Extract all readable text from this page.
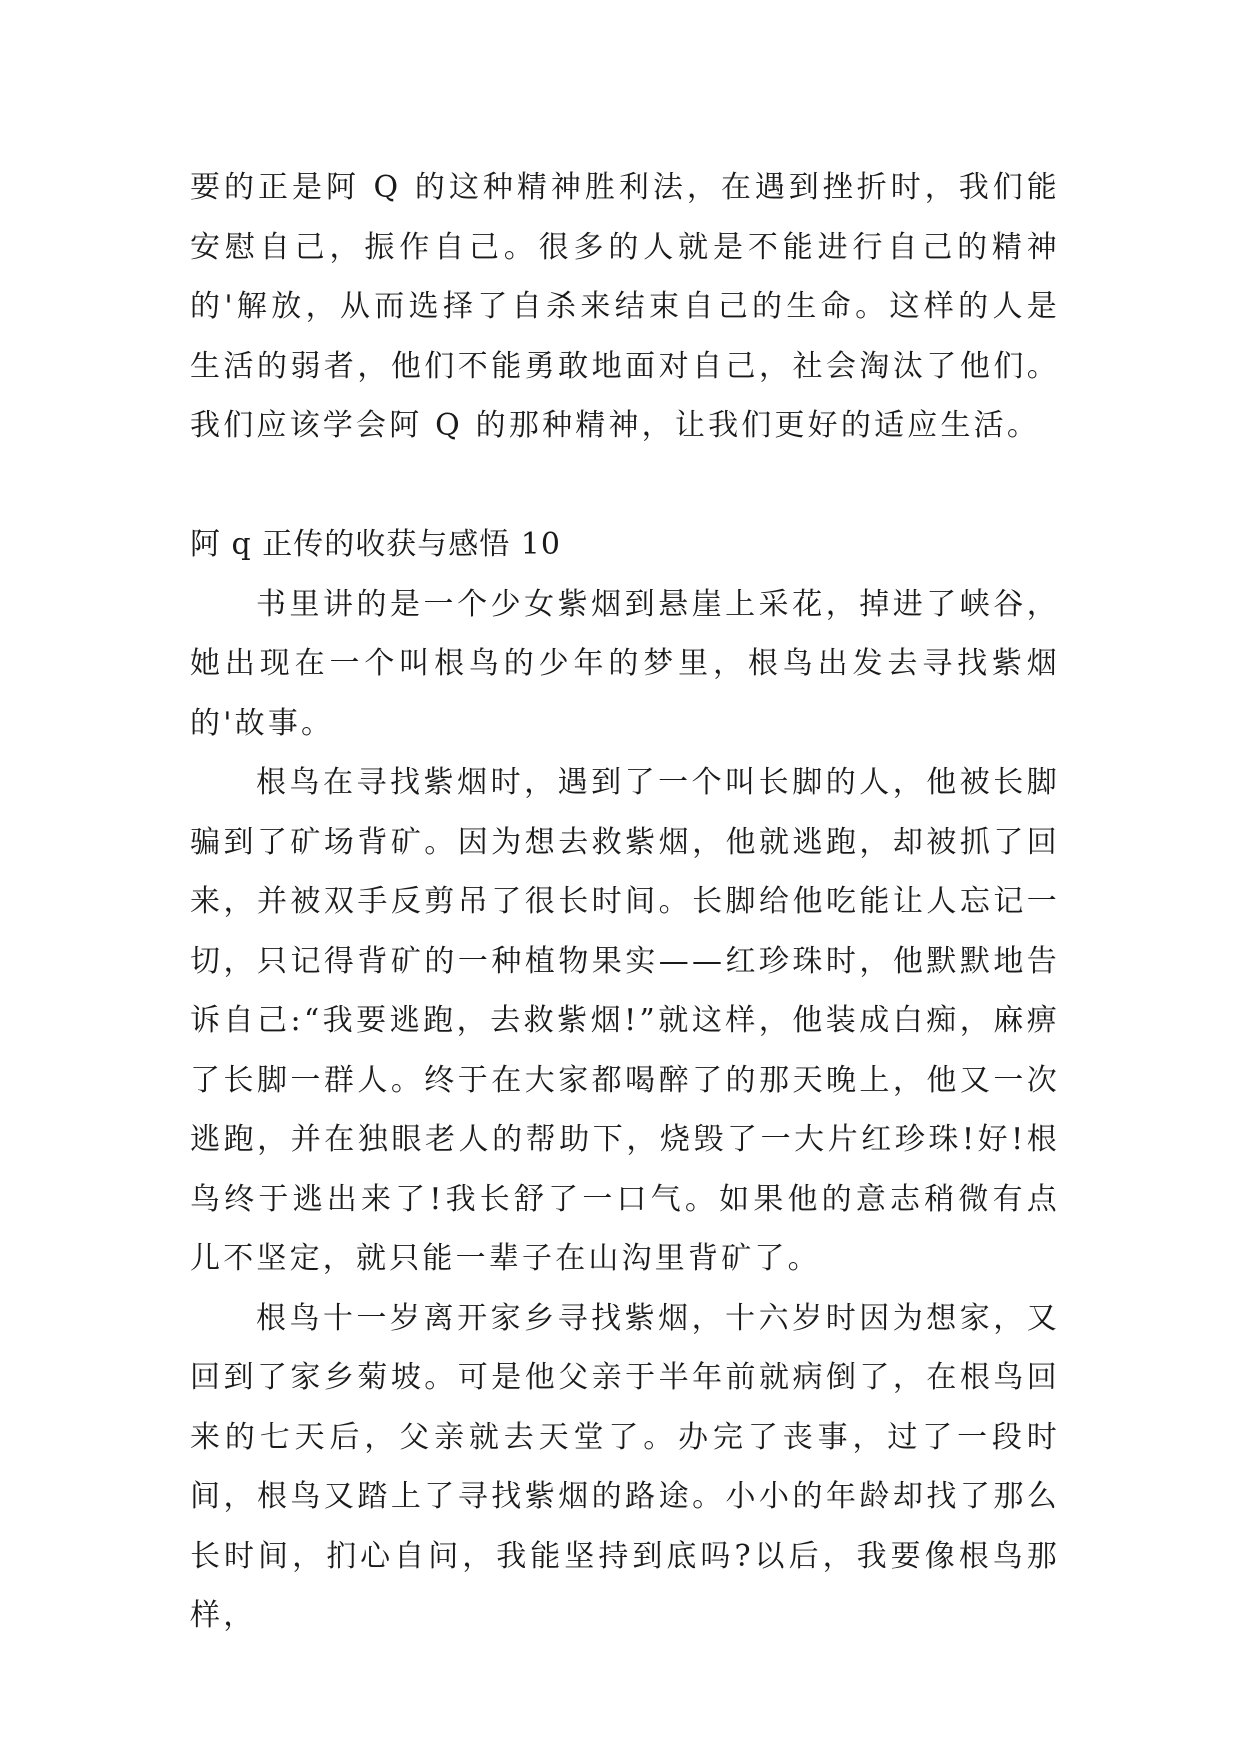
要的正是阿 Q 的这种精神胜利法，在遇到挫折时，我们能安慰自己，振作自己。很多的人就是不能进行自己的精神的'解放，从而选择了自杀来结束自己的生命。这样的人是生活的弱者，他们不能勇敢地面对自己，社会淘汰了他们。我们应该学会阿 Q 的那种精神，让我们更好的适应生活。

阿 q 正传的收获与感悟 10

书里讲的是一个少女紫烟到悬崖上采花，掉进了峡谷，她出现在一个叫根鸟的少年的梦里，根鸟出发去寻找紫烟的'故事。

根鸟在寻找紫烟时，遇到了一个叫长脚的人，他被长脚骗到了矿场背矿。因为想去救紫烟，他就逃跑，却被抓了回来，并被双手反剪吊了很长时间。长脚给他吃能让人忘记一切，只记得背矿的一种植物果实——红珍珠时，他默默地告诉自己:“我要逃跑，去救紫烟!”就这样，他装成白痴，麻痹了长脚一群人。终于在大家都喝醉了的那天晚上，他又一次逃跑，并在独眼老人的帮助下，烧毁了一大片红珍珠!好!根鸟终于逃出来了!我长舒了一口气。如果他的意志稍微有点儿不坚定，就只能一辈子在山沟里背矿了。

根鸟十一岁离开家乡寻找紫烟，十六岁时因为想家，又回到了家乡菊坡。可是他父亲于半年前就病倒了，在根鸟回来的七天后，父亲就去天堂了。办完了丧事，过了一段时间，根鸟又踏上了寻找紫烟的路途。小小的年龄却找了那么长时间，扪心自问，我能坚持到底吗?以后，我要像根鸟那样，
